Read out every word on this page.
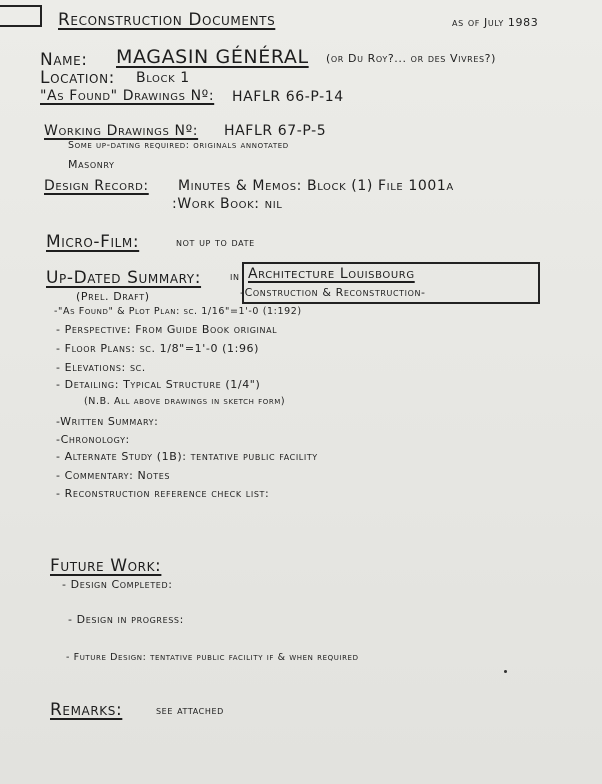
Reconstruction Documents	as of July 1983
Name: MAGASIN GÉNÉRAL (or Du Roy?... or des Vivres?)
Location: Block 1
"As Found" Drawings Nº: HAFLR 66-P-14
Working Drawings Nº: HAFLR 67-P-5
Some up-dating required: originals annotated
Masonry
Design Record: Minutes & Memos: Block (1) File 1001a
:Work Book: nil
Micro-Film:	not up to date
Up-Dated Summary:	in
(Prel. Draft)
Architecture Louisbourg
-Construction & Reconstruction-
-"As Found" & Plot Plan: sc. 1/16"=1'-0 (1:192)
- Perspective: From Guide Book original
- Floor Plans: sc. 1/8"=1'-0 (1:96)
- Elevations: sc.
- Detailing: Typical Structure (1/4")
(N.B. All above drawings in sketch form)
-Written Summary:
-Chronology:
- Alternate Study (1B): tentative public facility
- Commentary: Notes
- Reconstruction reference check list:
Future Work:
- Design Completed:
- Design in progress:
- Future Design: tentative public facility if & when required
Remarks:	see attached
